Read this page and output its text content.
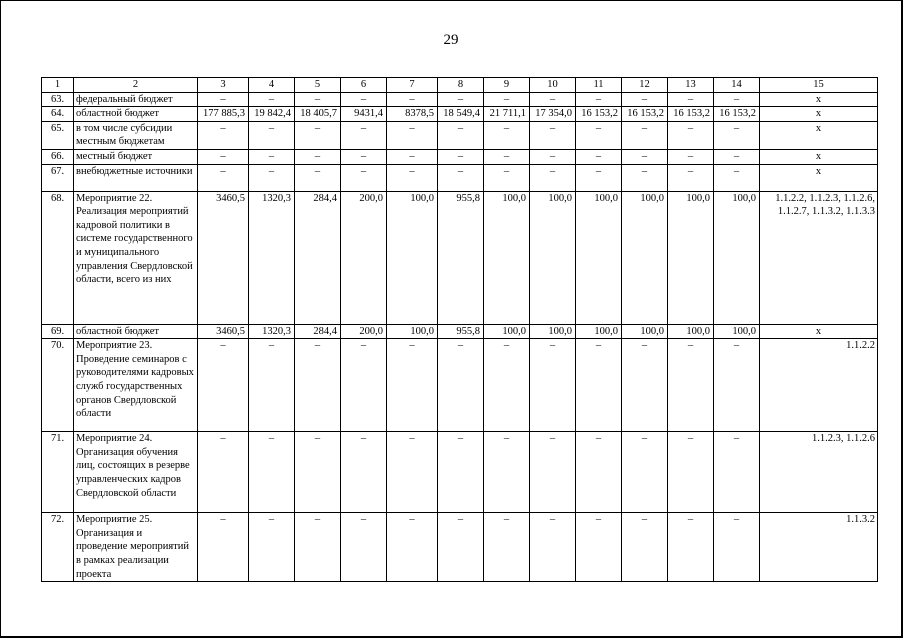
29
1	2	3	4	5	6	7	8	9	10	11	12	13	14	15
63.	федеральный бюджет	–	–	–	–	–	–	–	–	–	–	–	–	х
64.	областной бюджет	177 885,3	19 842,4	18 405,7	9431,4	8378,5	18 549,4	21 711,1	17 354,0	16 153,2	16 153,2	16 153,2	16 153,2	х
65.	в том числе субсидии местным бюджетам	–	–	–	–	–	–	–	–	–	–	–	–	х
66.	местный бюджет	–	–	–	–	–	–	–	–	–	–	–	–	х
67.	внебюджетные источники	–	–	–	–	–	–	–	–	–	–	–	–	х
68.	Мероприятие 22. Реализация мероприятий кадровой политики в системе государственного и муниципального управления Свердловской области, всего из них	3460,5	1320,3	284,4	200,0	100,0	955,8	100,0	100,0	100,0	100,0	100,0	100,0	1.1.2.2, 1.1.2.3, 1.1.2.6, 1.1.2.7, 1.1.3.2, 1.1.3.3
69.	областной бюджет	3460,5	1320,3	284,4	200,0	100,0	955,8	100,0	100,0	100,0	100,0	100,0	100,0	х
70.	Мероприятие 23. Проведение семинаров с руководителями кадровых служб государственных органов Свердловской области	–	–	–	–	–	–	–	–	–	–	–	–	1.1.2.2
71.	Мероприятие 24. Организация обучения лиц, состоящих в резерве управленческих кадров Свердловской области	–	–	–	–	–	–	–	–	–	–	–	–	1.1.2.3, 1.1.2.6
72.	Мероприятие 25. Организация и проведение мероприятий в рамках реализации проекта	–	–	–	–	–	–	–	–	–	–	–	–	1.1.3.2
